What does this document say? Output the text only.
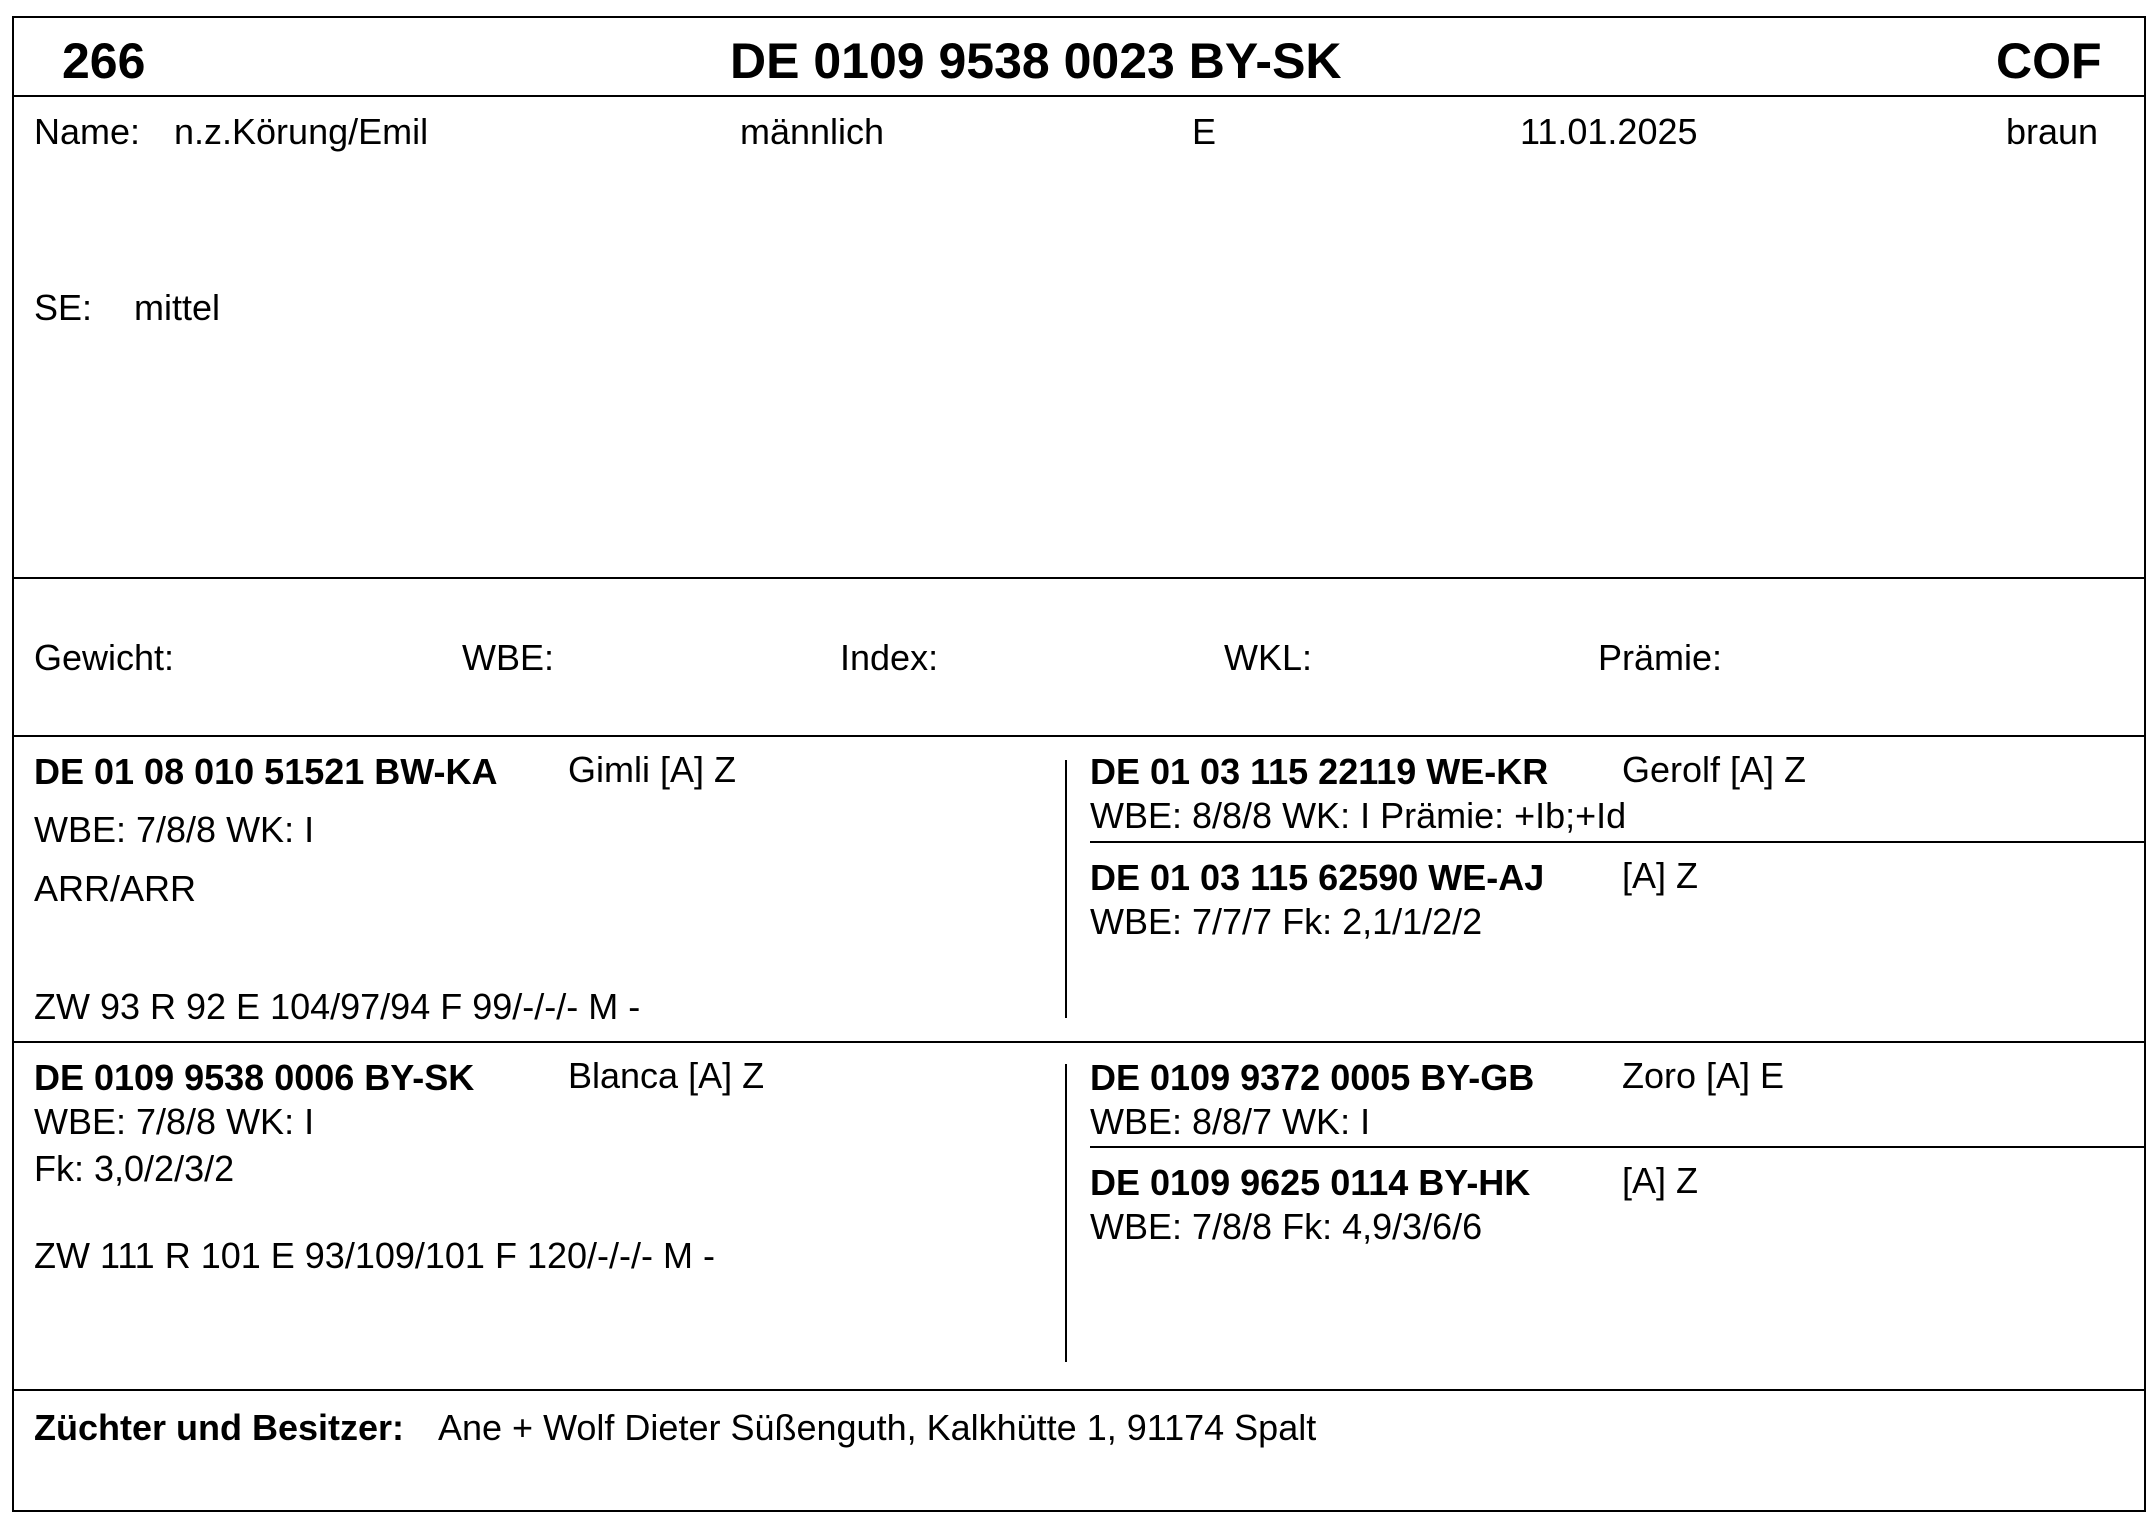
266	DE 0109 9538 0023 BY-SK	COF
Name: n.z.Körung/Emil	männlich	E	11.01.2025	braun
SE: mittel
Gewicht:	WBE:	Index:	WKL:	Prämie:
DE 01 08 010 51521 BW-KA Gimli [A] Z
WBE: 7/8/8 WK: I
ARR/ARR
ZW 93 R 92 E 104/97/94 F 99/-/-/- M -
DE 01 03 115 22119 WE-KR Gerolf [A] Z
WBE: 8/8/8 WK: I Prämie: +Ib;+Id
DE 01 03 115 62590 WE-AJ [A] Z
WBE: 7/7/7 Fk: 2,1/1/2/2
DE 0109 9538 0006 BY-SK	Blanca [A] Z
WBE: 7/8/8 WK: I
Fk: 3,0/2/3/2
ZW 111 R 101 E 93/109/101 F 120/-/-/- M -
DE 0109 9372 0005 BY-GB Zoro [A] E
WBE: 8/8/7 WK: I
DE 0109 9625 0114 BY-HK	[A] Z
WBE: 7/8/8 Fk: 4,9/3/6/6
Züchter und Besitzer: Ane + Wolf Dieter Süßenguth, Kalkhütte 1, 91174 Spalt
